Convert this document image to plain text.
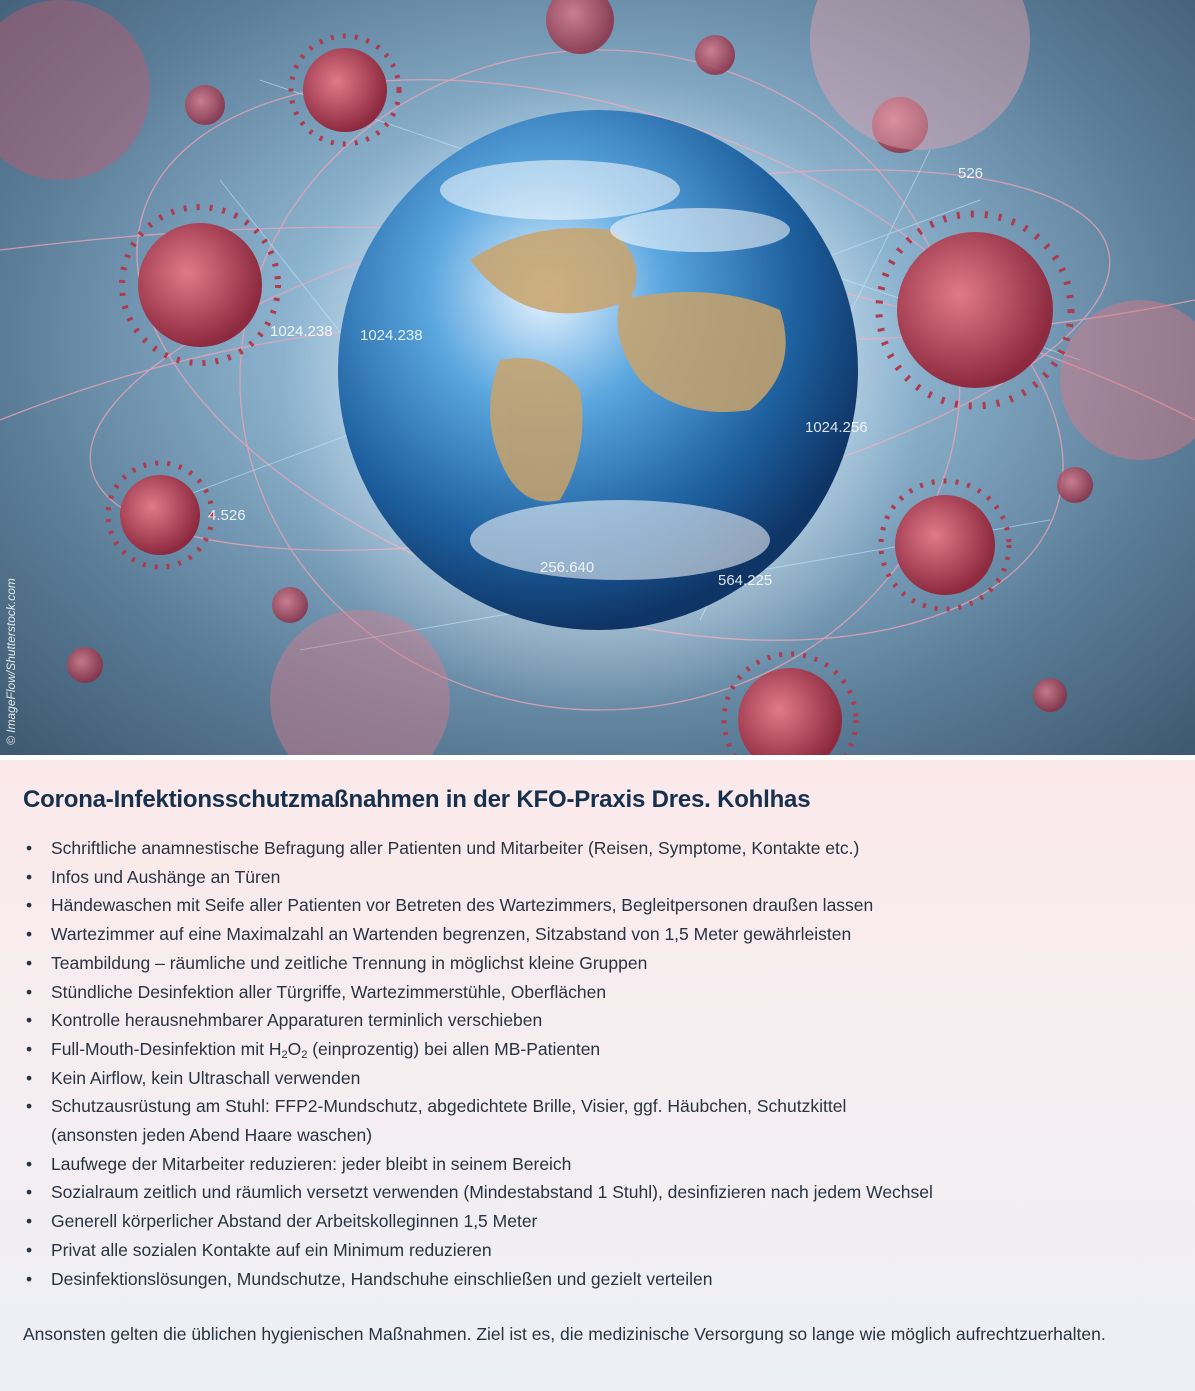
526
1024.238 1024.238
1024.256
4.526
256.640
564.225
© ImageFlow/Shutterstock.com
Corona-Infektionsschutzmaßnahmen in der KFO-Praxis Dres. Kohlhas
• Schriftliche anamnestische Befragung aller Patienten und Mitarbeiter (Reisen, Symptome, Kontakte etc.)
• Infos und Aushänge an Türen
• Händewaschen mit Seife aller Patienten vor Betreten des Wartezimmers, Begleitpersonen draußen lassen
• Wartezimmer auf eine Maximalzahl an Wartenden begrenzen, Sitzabstand von 1,5 Meter gewährleisten
• Teambildung – räumliche und zeitliche Trennung in möglichst kleine Gruppen
• Stündliche Desinfektion aller Türgriffe, Wartezimmerstühle, Oberflächen
• Kontrolle herausnehmbarer Apparaturen terminlich verschieben
• Full-Mouth-Desinfektion mit $H_2O_2$ (einprozentig) bei allen MB-Patienten
• Kein Airflow, kein Ultraschall verwenden
• Schutzausrüstung am Stuhl: FFP2-Mundschutz, abgedichtete Brille, Visier, ggf. Häubchen, Schutzkittel
(ansonsten jeden Abend Haare waschen)
• Laufwege der Mitarbeiter reduzieren: jeder bleibt in seinem Bereich
• Sozialraum zeitlich und räumlich versetzt verwenden (Mindestabstand 1 Stuhl), desinfizieren nach jedem Wechsel
• Generell körperlicher Abstand der Arbeitskolleginnen 1,5 Meter
• Privat alle sozialen Kontakte auf ein Minimum reduzieren
• Desinfektionslösungen, Mundschutze, Handschuhe einschließen und gezielt verteilen

Ansonsten gelten die üblichen hygienischen Maßnahmen. Ziel ist es, die medizinische Versorgung so lange wie möglich aufrechtzuerhalten.
